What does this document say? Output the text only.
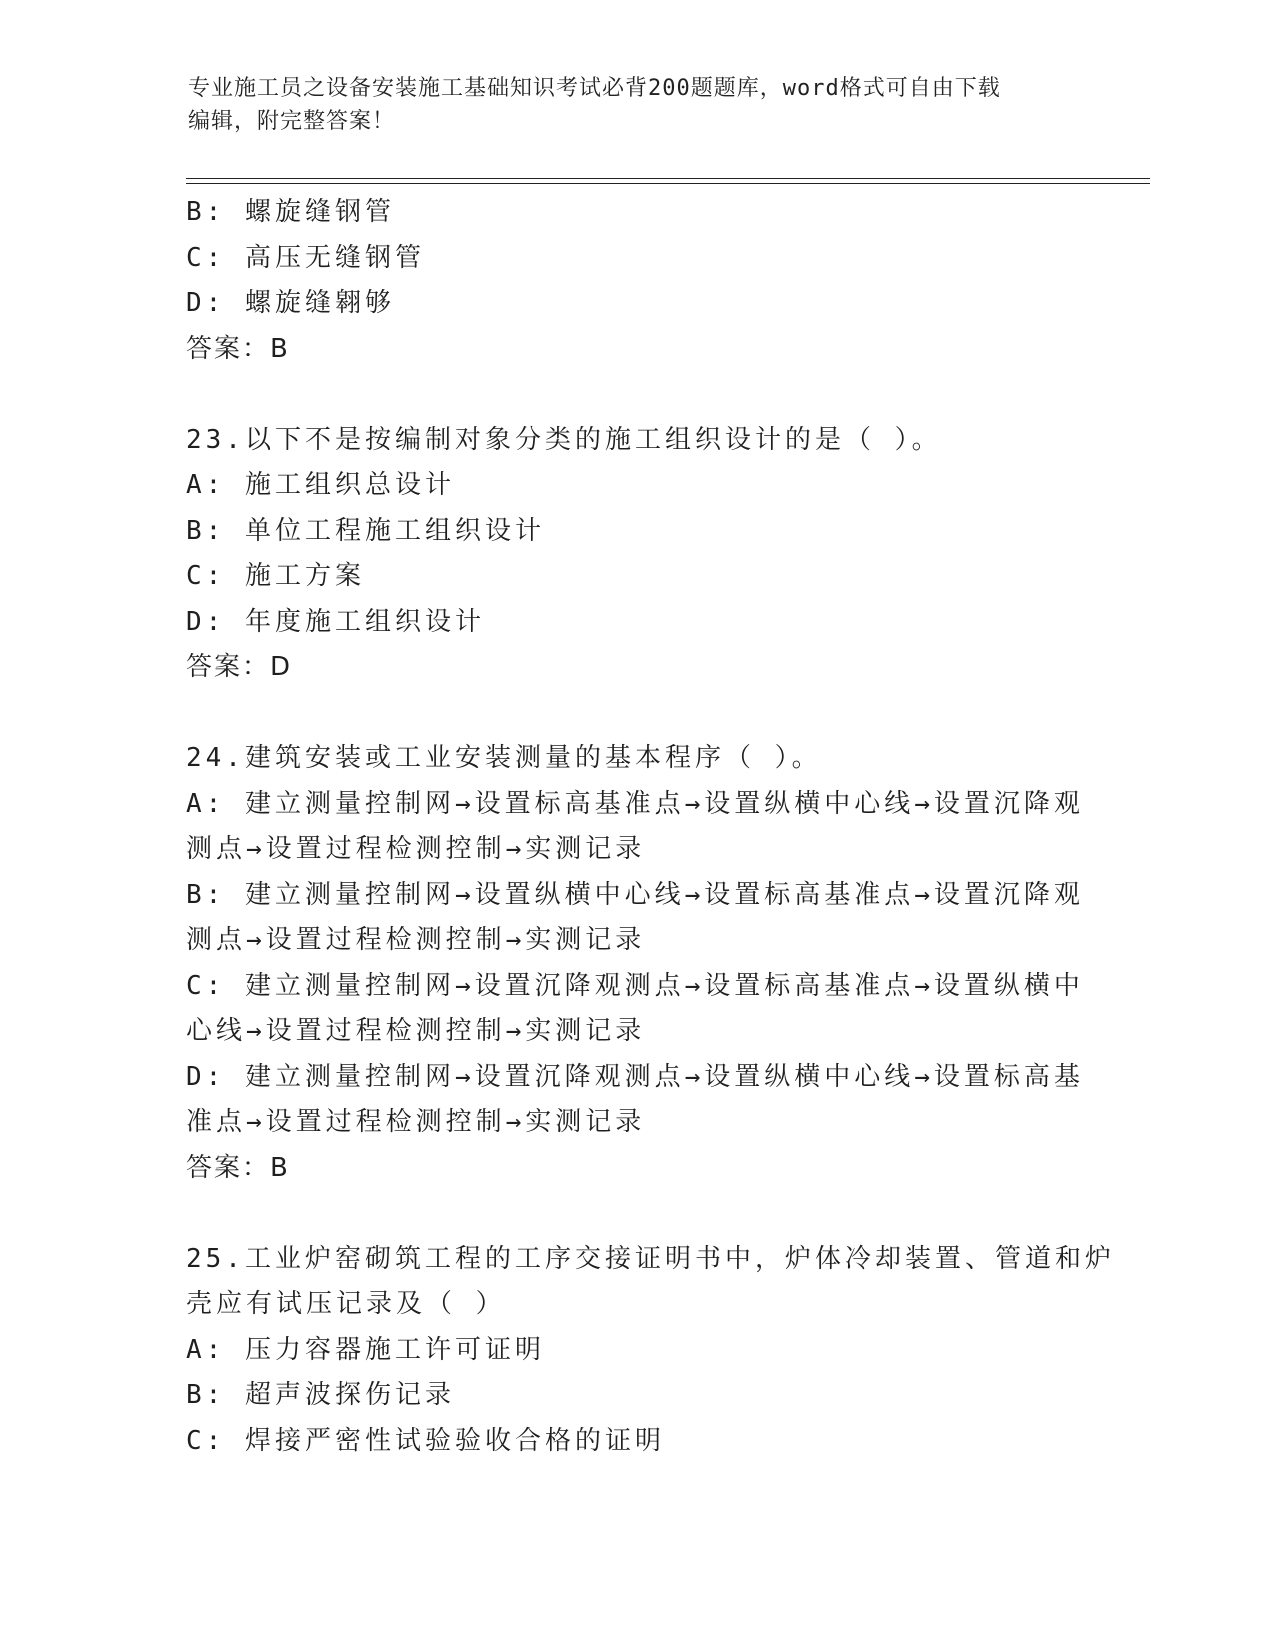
专业施工员之设备安装施工基础知识考试必背200题题库，word格式可自由下载
编辑，附完整答案！
B: 螺旋缝钢管
C: 高压无缝钢管
D: 螺旋缝翱够
答案：B
23.以下不是按编制对象分类的施工组织设计的是（ ）。
A: 施工组织总设计
B: 单位工程施工组织设计
C: 施工方案
D: 年度施工组织设计
答案：D
24.建筑安装或工业安装测量的基本程序（ ）。
A: 建立测量控制网→设置标高基准点→设置纵横中心线→设置沉降观
测点→设置过程检测控制→实测记录
B: 建立测量控制网→设置纵横中心线→设置标高基准点→设置沉降观
测点→设置过程检测控制→实测记录
C: 建立测量控制网→设置沉降观测点→设置标高基准点→设置纵横中
心线→设置过程检测控制→实测记录
D: 建立测量控制网→设置沉降观测点→设置纵横中心线→设置标高基
准点→设置过程检测控制→实测记录
答案：B
25.工业炉窑砌筑工程的工序交接证明书中，炉体冷却装置、管道和炉
壳应有试压记录及（ ）
A: 压力容器施工许可证明
B: 超声波探伤记录
C: 焊接严密性试验验收合格的证明
